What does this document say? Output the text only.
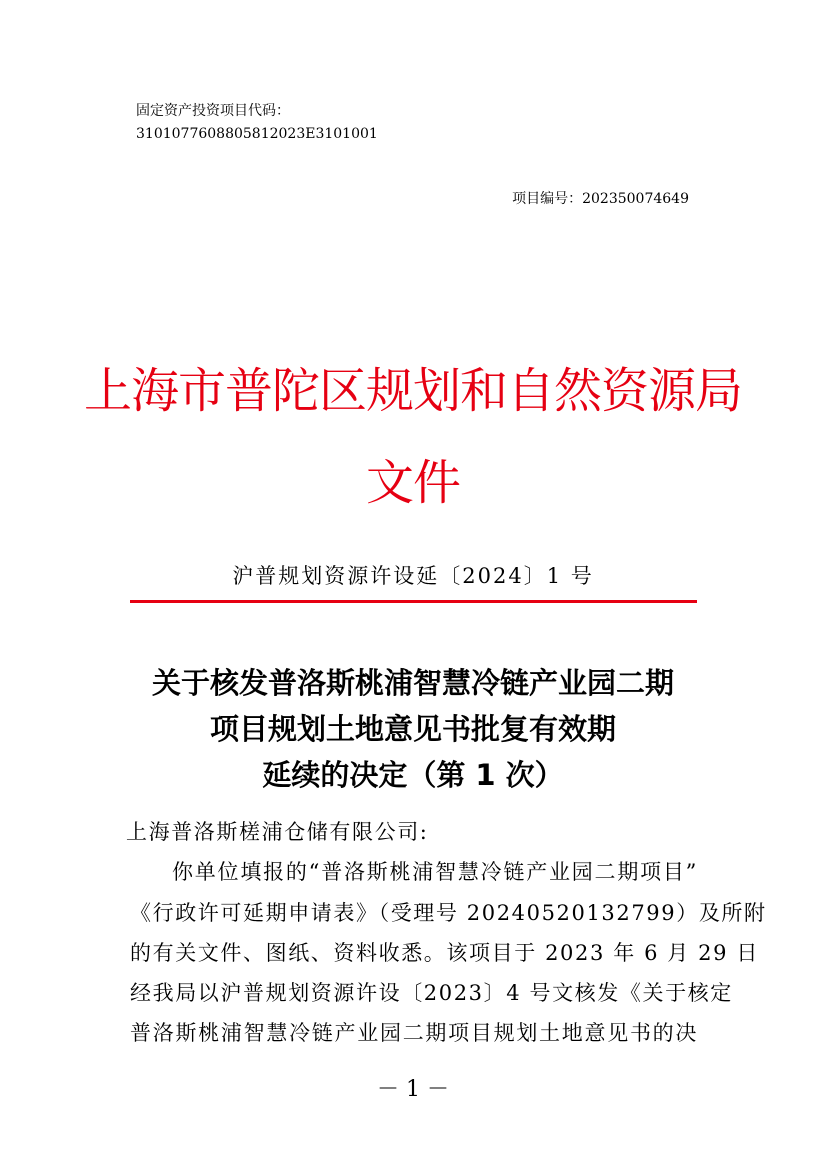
固定资产投资项目代码：
3101077608805812023E3101001
项目编号：202350074649
上海市普陀区规划和自然资源局
文件
沪普规划资源许设延〔2024〕1 号
关于核发普洛斯桃浦智慧冷链产业园二期
项目规划土地意见书批复有效期
延续的决定（第 1 次）
上海普洛斯槎浦仓储有限公司:
你单位填报的“普洛斯桃浦智慧冷链产业园二期项目”
《行政许可延期申请表》（受理号 20240520132799）及所附
的有关文件、图纸、资料收悉。该项目于 2023 年 6 月 29 日
经我局以沪普规划资源许设〔2023〕4 号文核发《关于核定
普洛斯桃浦智慧冷链产业园二期项目规划土地意见书的决
－ 1 －
